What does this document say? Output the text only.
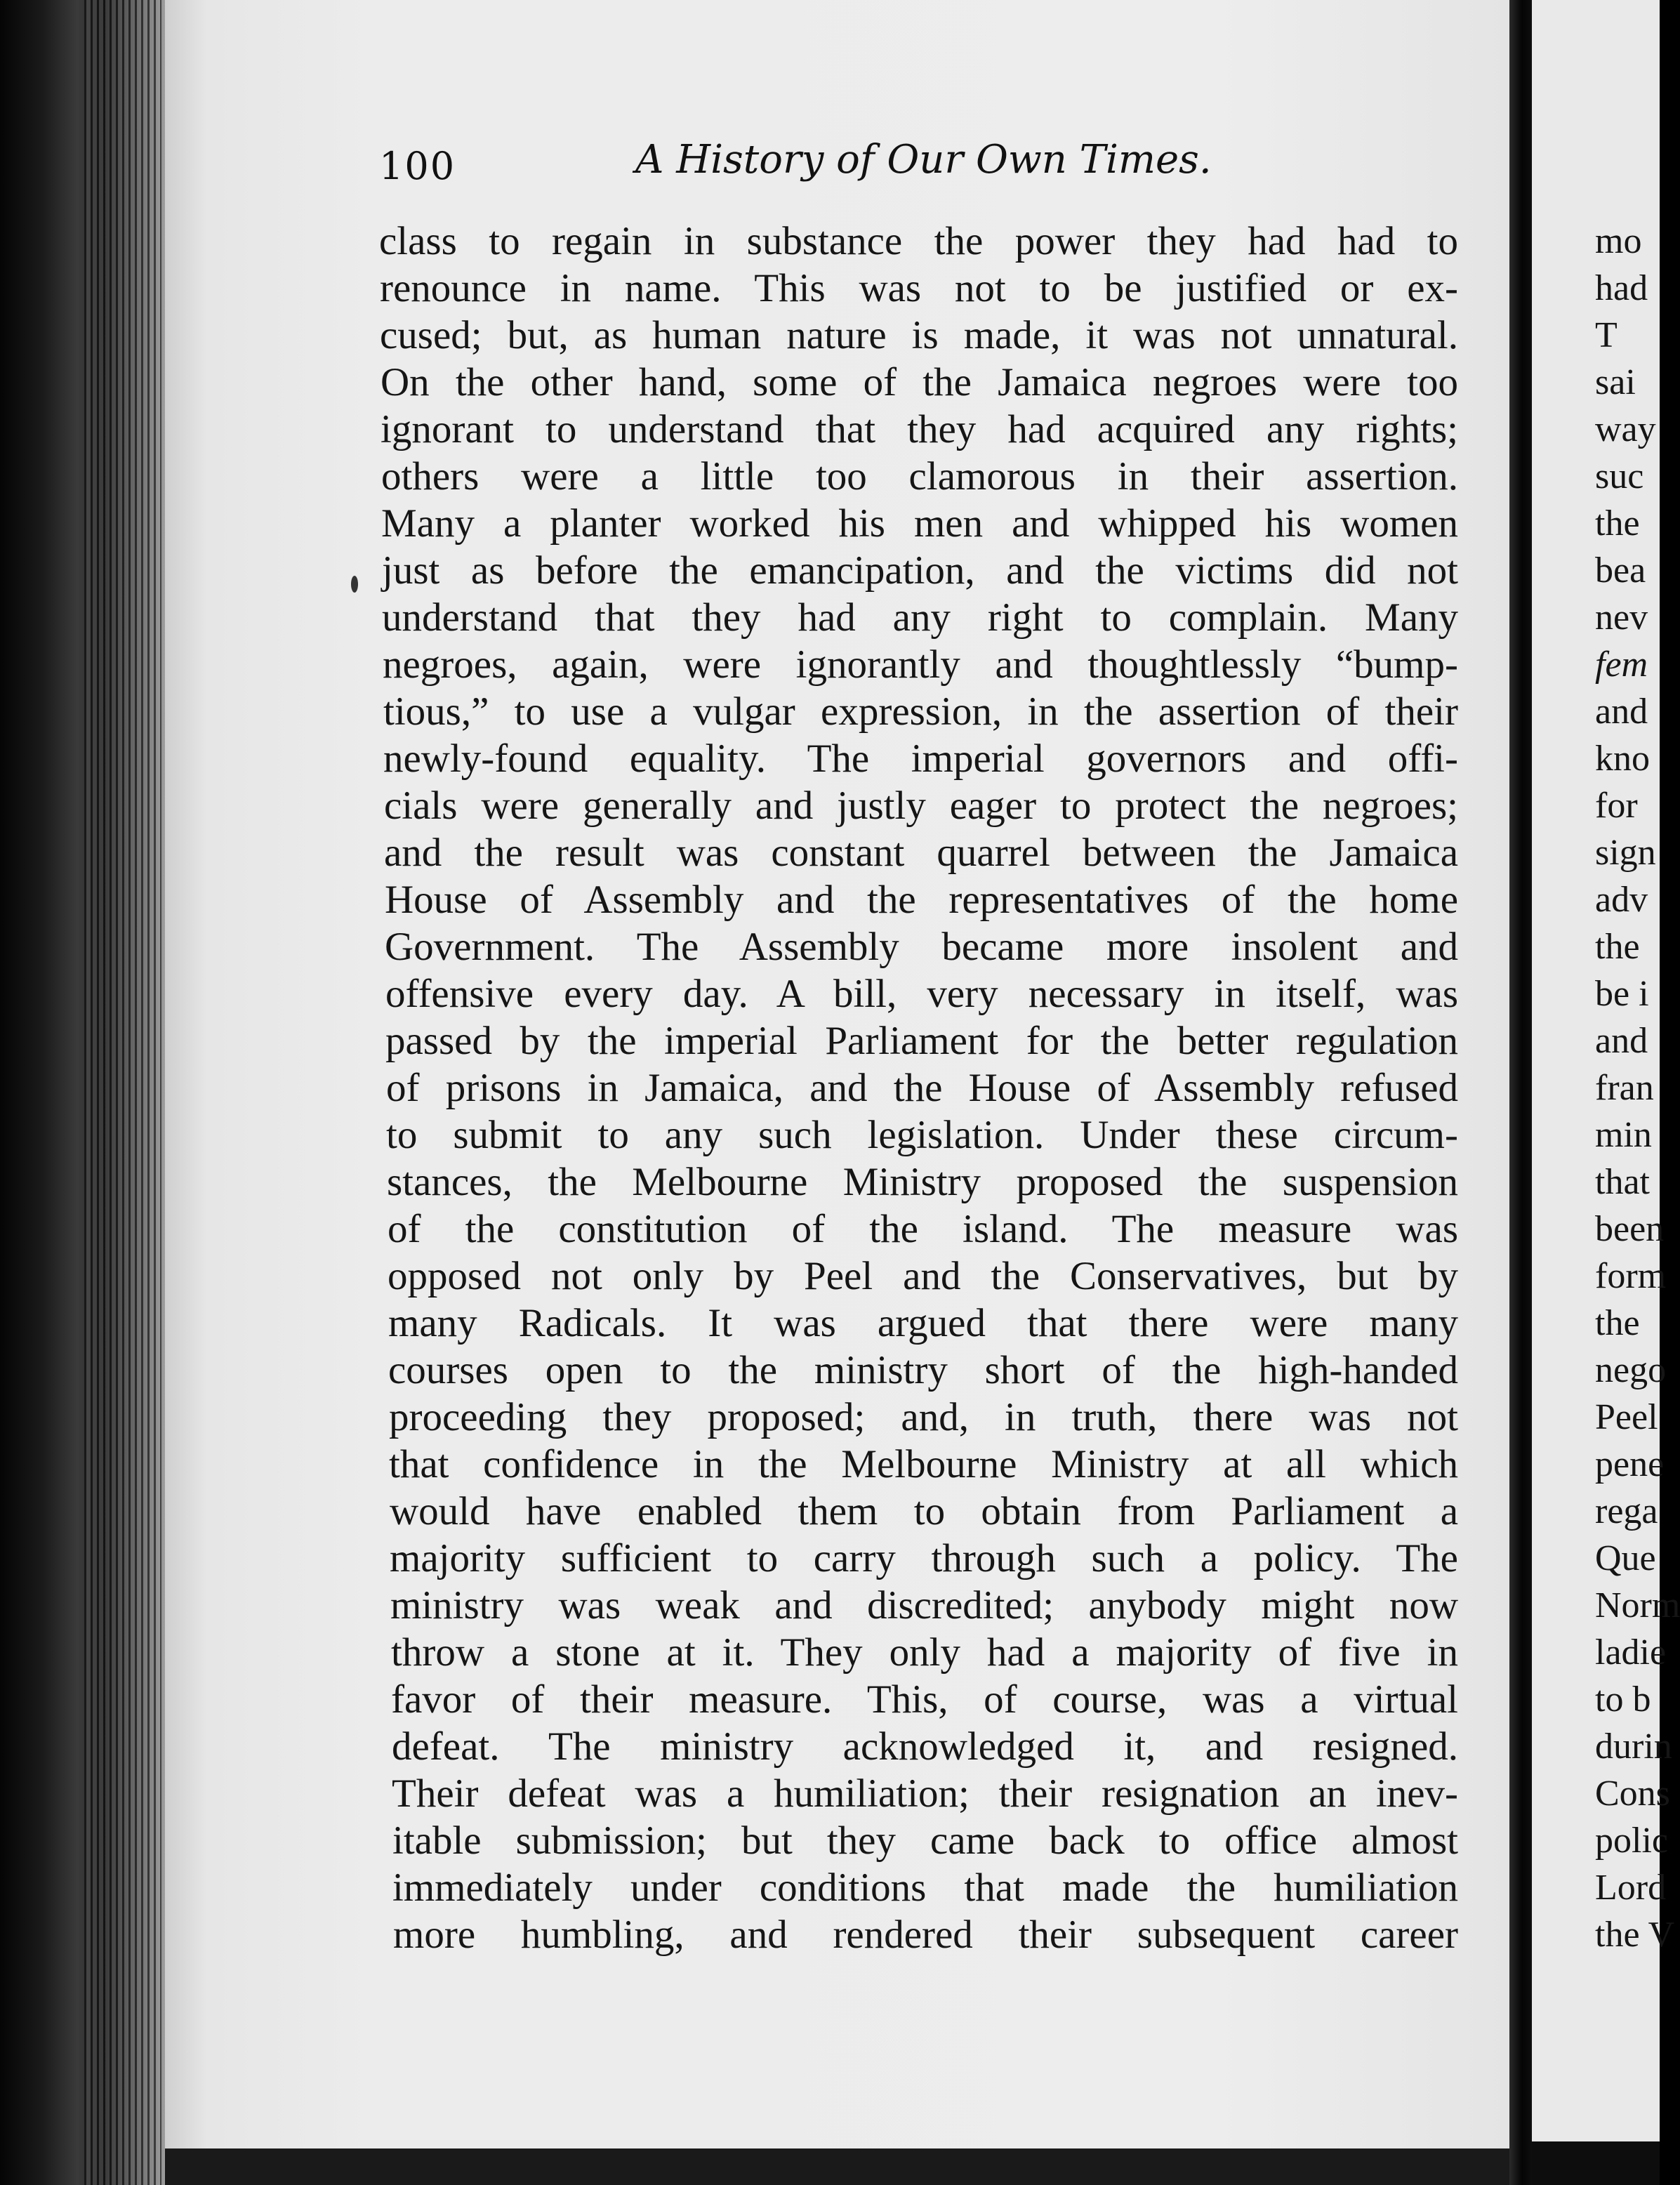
100	A History of Our Own Times.
class to regain in substance the power they had had to
renounce in name. This was not to be justified or ex-
cused; but, as human nature is made, it was not unnatural.
On the other hand, some of the Jamaica negroes were too
ignorant to understand that they had acquired any rights;
others were a little too clamorous in their assertion.
Many a planter worked his men and whipped his women
just as before the emancipation, and the victims did not
understand that they had any right to complain. Many
negroes, again, were ignorantly and thoughtlessly “bump-
tious,” to use a vulgar expression, in the assertion of their
newly-found equality. The imperial governors and offi-
cials were generally and justly eager to protect the negroes;
and the result was constant quarrel between the Jamaica
House of Assembly and the representatives of the home
Government. The Assembly became more insolent and
offensive every day. A bill, very necessary in itself, was
passed by the imperial Parliament for the better regulation
of prisons in Jamaica, and the House of Assembly refused
to submit to any such legislation. Under these circum-
stances, the Melbourne Ministry proposed the suspension
of the constitution of the island. The measure was
opposed not only by Peel and the Conservatives, but by
many Radicals. It was argued that there were many
courses open to the ministry short of the high-handed
proceeding they proposed; and, in truth, there was not
that confidence in the Melbourne Ministry at all which
would have enabled them to obtain from Parliament a
majority sufficient to carry through such a policy. The
ministry was weak and discredited; anybody might now
throw a stone at it. They only had a majority of five in
favor of their measure. This, of course, was a virtual
defeat. The ministry acknowledged it, and resigned.
Their defeat was a humiliation; their resignation an inev-
itable submission; but they came back to office almost
immediately under conditions that made the humiliation
more humbling, and rendered their subsequent career
mo
had
T
sai
way
suc
the
bea
nev
fem
and
kno
for
sign
adv
the
be i
and
fran
min
that
been
form
the
nego
Peel
pene
rega
Que
Norm
ladie
to b
durin
Cons
polic
Lord
the V
